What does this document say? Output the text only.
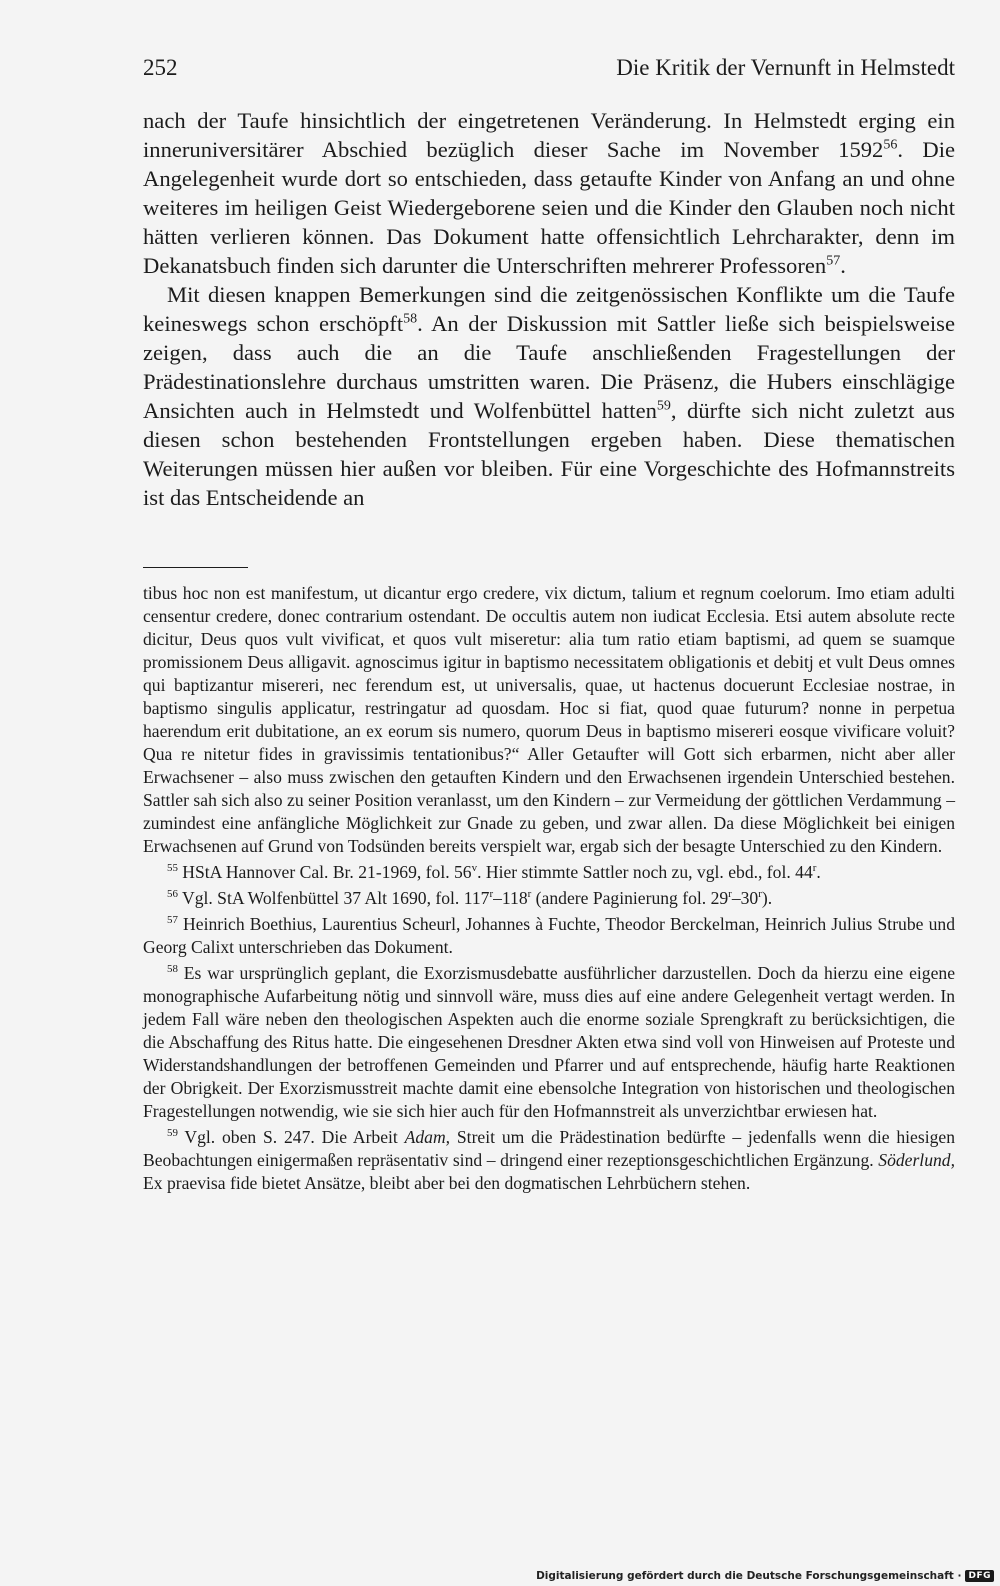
252	Die Kritik der Vernunft in Helmstedt

nach der Taufe hinsichtlich der eingetretenen Veränderung. In Helmstedt erging ein inneruniversitärer Abschied bezüglich dieser Sache im November 1592$^{56}$. Die Angelegenheit wurde dort so entschieden, dass getaufte Kinder von Anfang an und ohne weiteres im heiligen Geist Wiedergeborene seien und die Kinder den Glauben noch nicht hätten verlieren können. Das Dokument hatte offensichtlich Lehrcharakter, denn im Dekanatsbuch finden sich darunter die Unterschriften mehrerer Professoren$^{57}$.

Mit diesen knappen Bemerkungen sind die zeitgenössischen Konflikte um die Taufe keineswegs schon erschöpft$^{58}$. An der Diskussion mit Sattler ließe sich beispielsweise zeigen, dass auch die an die Taufe anschließenden Fragestellungen der Prädestinationslehre durchaus umstritten waren. Die Präsenz, die Hubers einschlägige Ansichten auch in Helmstedt und Wolfenbüttel hatten$^{59}$, dürfte sich nicht zuletzt aus diesen schon bestehenden Frontstellungen ergeben haben. Diese thematischen Weiterungen müssen hier außen vor bleiben. Für eine Vorgeschichte des Hofmannstreits ist das Entscheidende an

tibus hoc non est manifestum, ut dicantur ergo credere, vix dictum, talium et regnum coelorum. Imo etiam adulti censentur credere, donec contrarium ostendant. De occultis autem non iudicat Ecclesia. Etsi autem absolute recte dicitur, Deus quos vult vivificat, et quos vult miseretur: alia tum ratio etiam baptismi, ad quem se suamque promissionem Deus alligavit. agnoscimus igitur in baptismo necessitatem obligationis et debitj et vult Deus omnes qui baptizantur misereri, nec ferendum est, ut universalis, quae, ut hactenus docuerunt Ecclesiae nostrae, in baptismo singulis applicatur, restringatur ad quosdam. Hoc si fiat, quod quae futurum? nonne in perpetua haerendum erit dubitatione, an ex eorum sis numero, quorum Deus in baptismo misereri eosque vivificare voluit? Qua re nitetur fides in gravissimis tentationibus?“ Aller Getaufter will Gott sich erbarmen, nicht aber aller Erwachsener – also muss zwischen den getauften Kindern und den Erwachsenen irgendein Unterschied bestehen. Sattler sah sich also zu seiner Position veranlasst, um den Kindern – zur Vermeidung der göttlichen Verdammung – zumindest eine anfängliche Möglichkeit zur Gnade zu geben, und zwar allen. Da diese Möglichkeit bei einigen Erwachsenen auf Grund von Todsünden bereits verspielt war, ergab sich der besagte Unterschied zu den Kindern.

$^{55}$ HStA Hannover Cal. Br. 21-1969, fol. 56$^v$. Hier stimmte Sattler noch zu, vgl. ebd., fol. 44$^r$.

$^{56}$ Vgl. StA Wolfenbüttel 37 Alt 1690, fol. 117$^r$–118$^r$ (andere Paginierung fol. 29$^r$–30$^r$).

$^{57}$ Heinrich Boethius, Laurentius Scheurl, Johannes à Fuchte, Theodor Berckelman, Heinrich Julius Strube und Georg Calixt unterschrieben das Dokument.

$^{58}$ Es war ursprünglich geplant, die Exorzismusdebatte ausführlicher darzustellen. Doch da hierzu eine eigene monographische Aufarbeitung nötig und sinnvoll wäre, muss dies auf eine andere Gelegenheit vertagt werden. In jedem Fall wäre neben den theologischen Aspekten auch die enorme soziale Sprengkraft zu berücksichtigen, die die Abschaffung des Ritus hatte. Die eingesehenen Dresdner Akten etwa sind voll von Hinweisen auf Proteste und Widerstandshandlungen der betroffenen Gemeinden und Pfarrer und auf entsprechende, häufig harte Reaktionen der Obrigkeit. Der Exorzismusstreit machte damit eine ebensolche Integration von historischen und theologischen Fragestellungen notwendig, wie sie sich hier auch für den Hofmannstreit als unverzichtbar erwiesen hat.

$^{59}$ Vgl. oben S. 247. Die Arbeit Adam, Streit um die Prädestination bedürfte – jedenfalls wenn die hiesigen Beobachtungen einigermaßen repräsentativ sind – dringend einer rezeptionsgeschichtlichen Ergänzung. Söderlund, Ex praevisa fide bietet Ansätze, bleibt aber bei den dogmatischen Lehrbüchern stehen.

Digitalisierung gefördert durch die Deutsche Forschungsgemeinschaft · DFG
